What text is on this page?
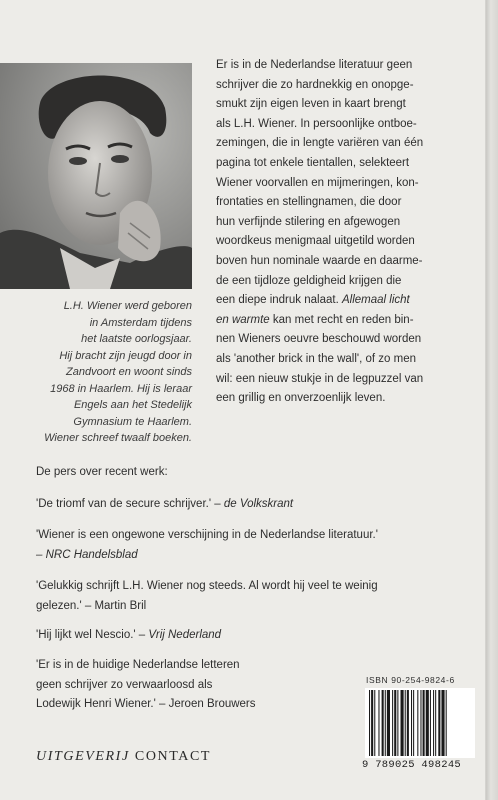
L.H. Wiener werd geboren
in Amsterdam tijdens
het laatste oorlogsjaar.
Hij bracht zijn jeugd door in
Zandvoort en woont sinds
1968 in Haarlem. Hij is leraar
Engels aan het Stedelijk
Gymnasium te Haarlem.
Wiener schreef twaalf boeken.
Er is in de Nederlandse literatuur geen
schrijver die zo hardnekkig en onopge-
smukt zijn eigen leven in kaart brengt
als L.H. Wiener. In persoonlijke ontboe-
zemingen, die in lengte variëren van één
pagina tot enkele tientallen, selekteert
Wiener voorvallen en mijmeringen, kon-
frontaties en stellingnamen, die door
hun verfijnde stilering en afgewogen
woordkeus menigmaal uitgetild worden
boven hun nominale waarde en daarme-
de een tijdloze geldigheid krijgen die
een diepe indruk nalaat. Allemaal licht
en warmte kan met recht en reden bin-
nen Wieners oeuvre beschouwd worden
als 'another brick in the wall', of zo men
wil: een nieuw stukje in de legpuzzel van
een grillig en onverzoenlijk leven.
De pers over recent werk:
'De triomf van de secure schrijver.' – de Volkskrant
'Wiener is een ongewone verschijning in de Nederlandse literatuur.'
– NRC Handelsblad
'Gelukkig schrijft L.H. Wiener nog steeds. Al wordt hij veel te weinig
gelezen.' – Martin Bril
'Hij lijkt wel Nescio.' – Vrij Nederland
'Er is in de huidige Nederlandse letteren
geen schrijver zo verwaarloosd als
Lodewijk Henri Wiener.' – Jeroen Brouwers
ISBN 90-254-9824-6
9 789025 498245
UITGEVERIJ CONTACT
